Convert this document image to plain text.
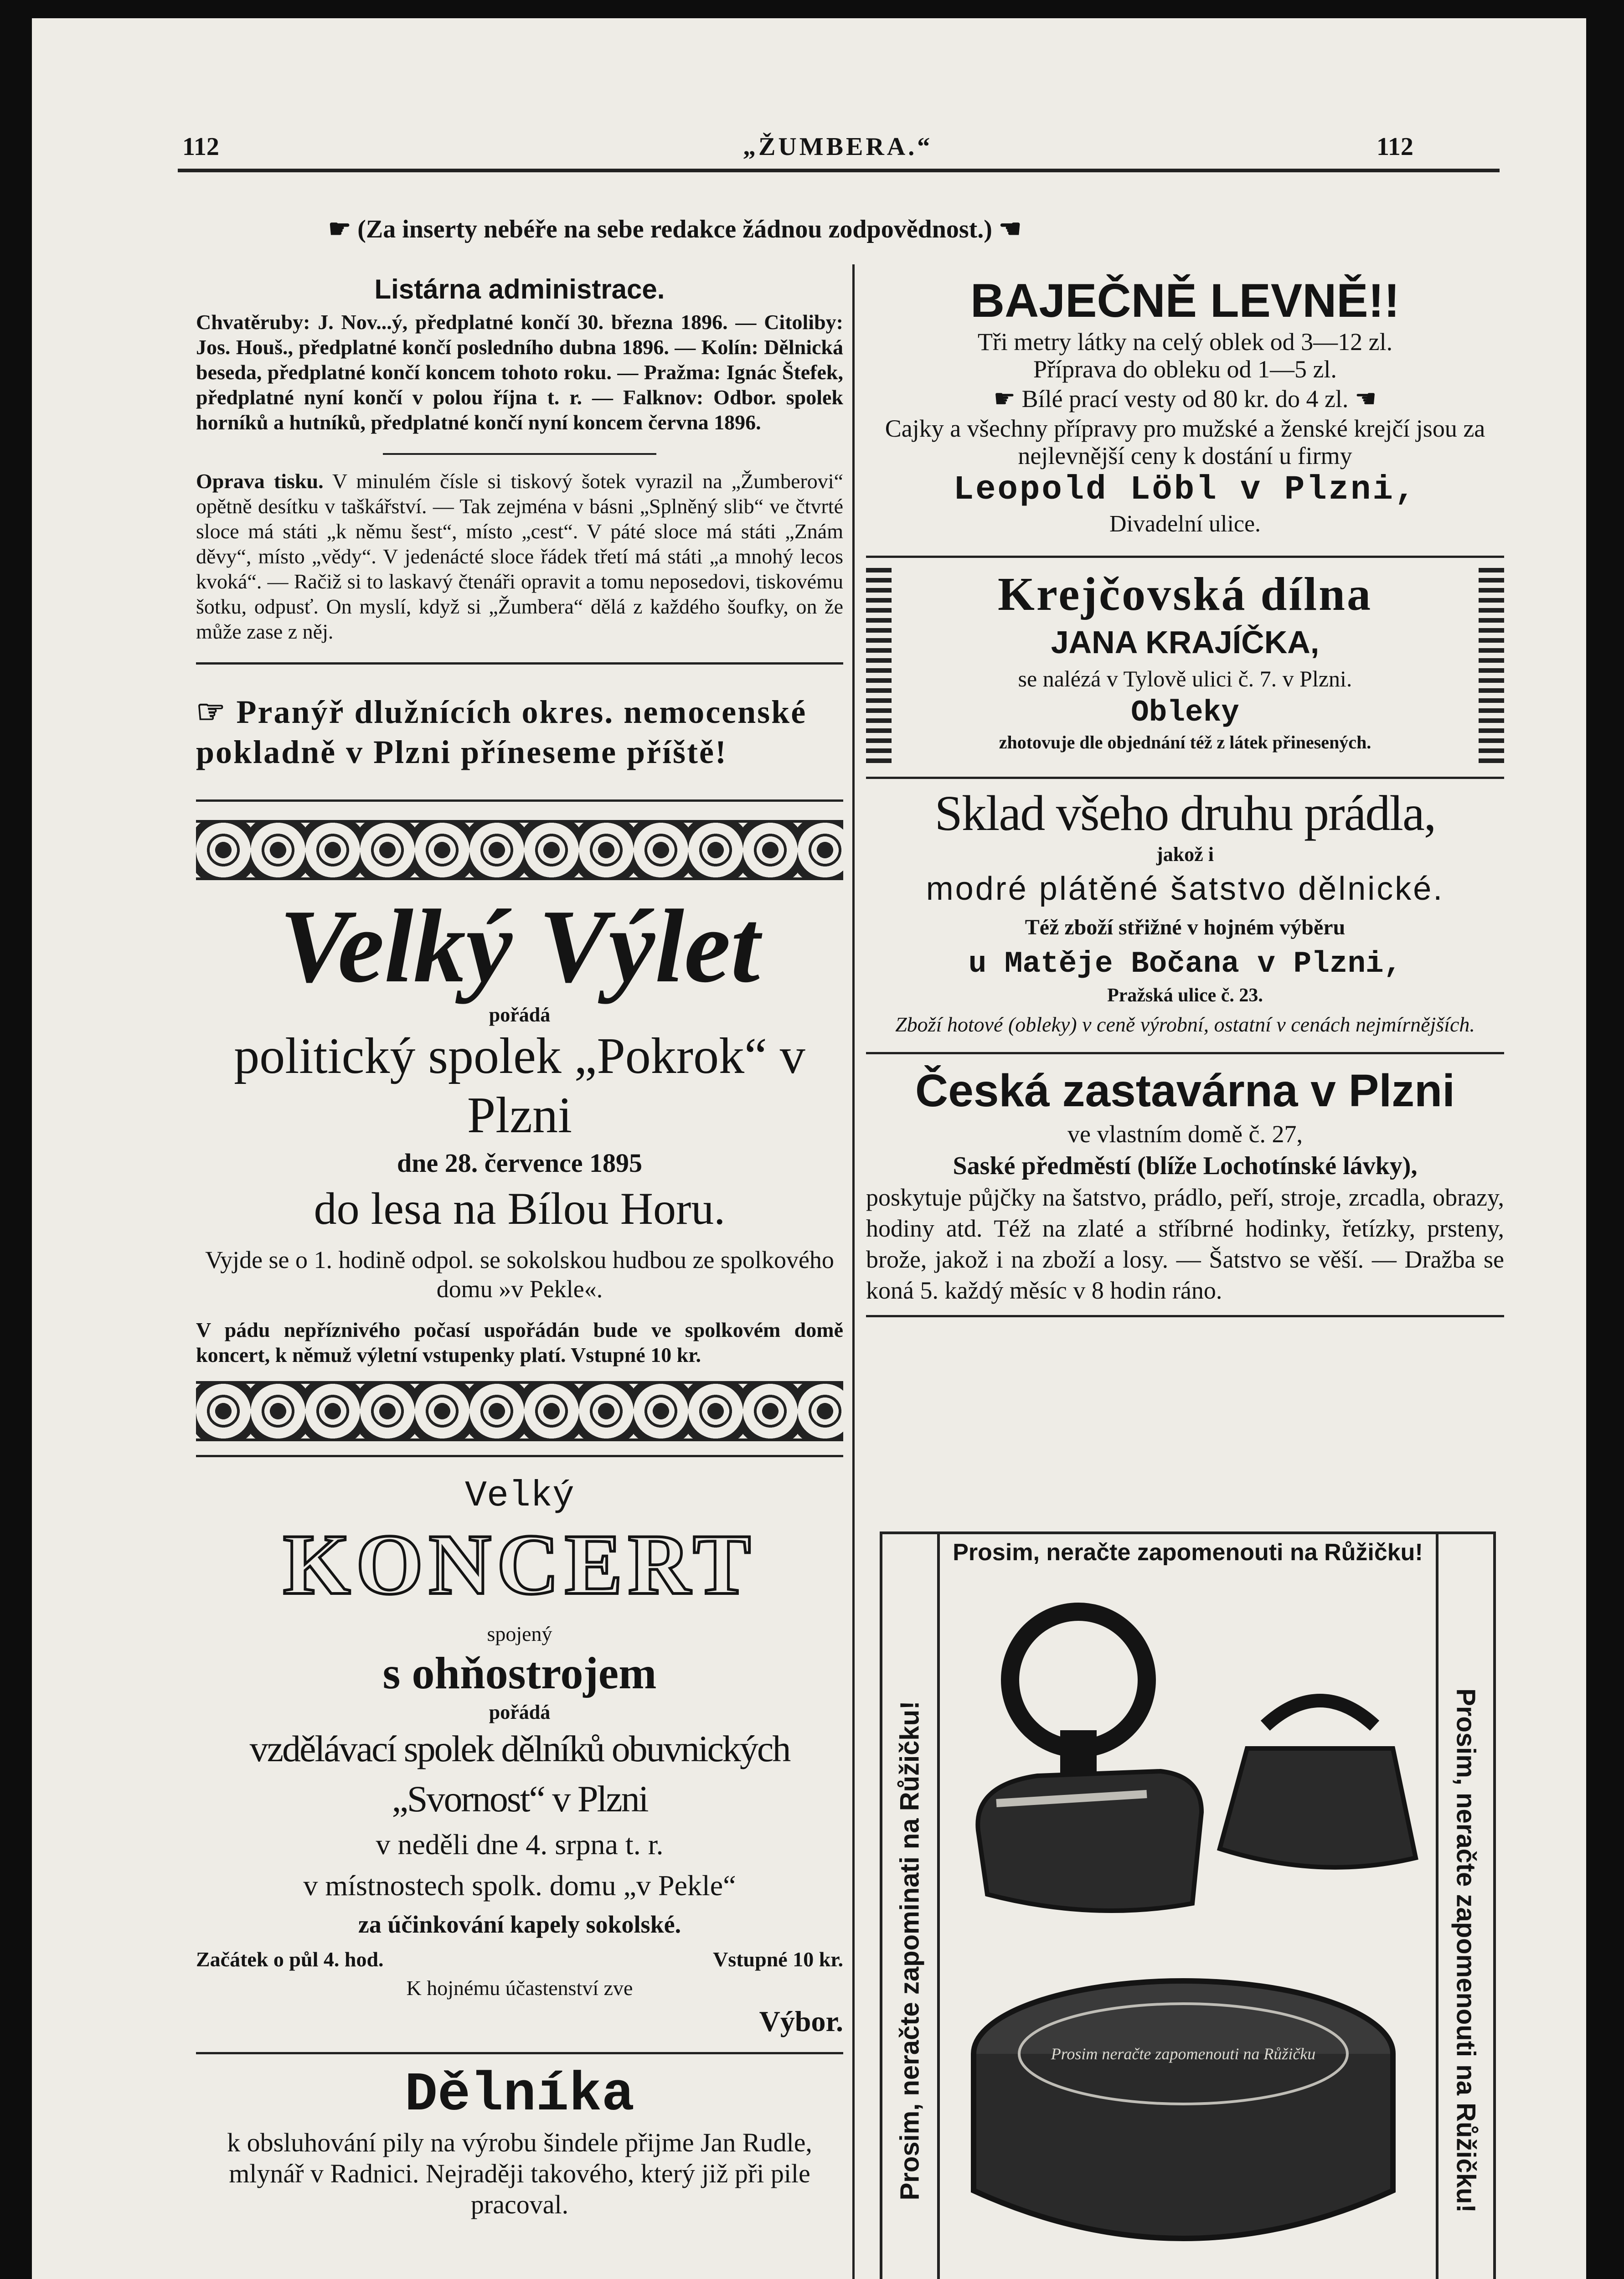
112	„ŽUMBERA.“	112
☛ (Za inserty nebéře na sebe redakce žádnou zodpovědnost.) ☚
Listárna administrace.

Chvatěruby: J. Nov...ý, předplatné končí 30. března 1896. — Citoliby: Jos. Houš., předplatné končí posledního dubna 1896. — Kolín: Dělnická beseda, předplatné končí koncem tohoto roku. — Pražma: Ignác Štefek, předplatné nyní končí v polou října t. r. — Falknov: Odbor. spolek horníků a hutníků, předplatné končí nyní koncem června 1896.

Oprava tisku. V minulém čísle si tiskový šotek vyrazil na „Žumberovi“ opětně desítku v taškářství. — Tak zejména v básni „Splněný slib“ ve čtvrté sloce má státi „k němu šest“, místo „cest“. V páté sloce má státi „Znám děvy“, místo „vědy“. V jedenácté sloce řádek třetí má státi „a mnohý lecos kvoká“. — Račiž si to laskavý čtenáři opravit a tomu neposedovi, tiskovému šotku, odpusť. On myslí, když si „Žumbera“ dělá z každého šoufky, on že může zase z něj.

☞ Pranýř dlužnících okres. nemocenské pokladně v Plzni příneseme příště!

Velký Výlet
pořádá
politický spolek „Pokrok“ v Plzni
dne 28. července 1895
do lesa na Bílou Horu.

Vyjde se o 1. hodině odpol. se sokolskou hudbou ze spolkového domu »v Pekle«.

V pádu nepříznivého počasí uspořádán bude ve spolkovém domě koncert, k němuž výletní vstupenky platí. Vstupné 10 kr.

Velký
KONCERT
spojený
s ohňostrojem
pořádá
vzdělávací spolek dělníků obuvnických „Svornost“ v Plzni
v neděli dne 4. srpna t. r.
v místnostech spolk. domu „v Pekle“
za účinkování kapely sokolské.
Začátek o půl 4. hod.	Vstupné 10 kr.
K hojnému účastenství zve
Výbor.
Dělníka

k obsluhování pily na výrobu šindele přijme Jan Rudle, mlynář v Radnici. Nejraději takového, který již při pile pracoval.

BAJEČNĚ LEVNĚ!!

Tři metry látky na celý oblek od 3—12 zl.

Příprava do obleku od 1—5 zl.

☛ Bílé prací vesty od 80 kr. do 4 zl. ☚

Cajky a všechny přípravy pro mužské a ženské krejčí jsou za nejlevnější ceny k dostání u firmy

Leopold Löbl v Plzni,
Divadelní ulice.
Krejčovská dílna
JANA KRAJÍČKA,
se nalézá v Tylově ulici č. 7. v Plzni.
Obleky
zhotovuje dle objednání též z látek přinesených.
Sklad všeho druhu prádla,
jakož i
modré plátěné šatstvo dělnické.
Též zboží střižné v hojném výběru
u Matěje Bočana v Plzni,
Pražská ulice č. 23.

Zboží hotové (obleky) v ceně výrobní, ostatní v cenách nejmírnějších.

Česká zastavárna v Plzni
ve vlastním domě č. 27,
Saské předměstí (blíže Lochotínské lávky),

poskytuje půjčky na šatstvo, prádlo, peří, stroje, zrcadla, obrazy, hodiny atd. Též na zlaté a stříbrné hodinky, řetízky, prsteny, brože, jakož i na zboží a losy. — Šatstvo se věší. — Dražba se koná 5. každý měsíc v 8 hodin ráno.

Prosim, neračte zapomenouti na Růžičku!
Prosim, neračte zapominati na Růžičku!	Prosim, neračte zapomenouti na Růžičku!
Prosim neračte zapomenouti na Růžičku
